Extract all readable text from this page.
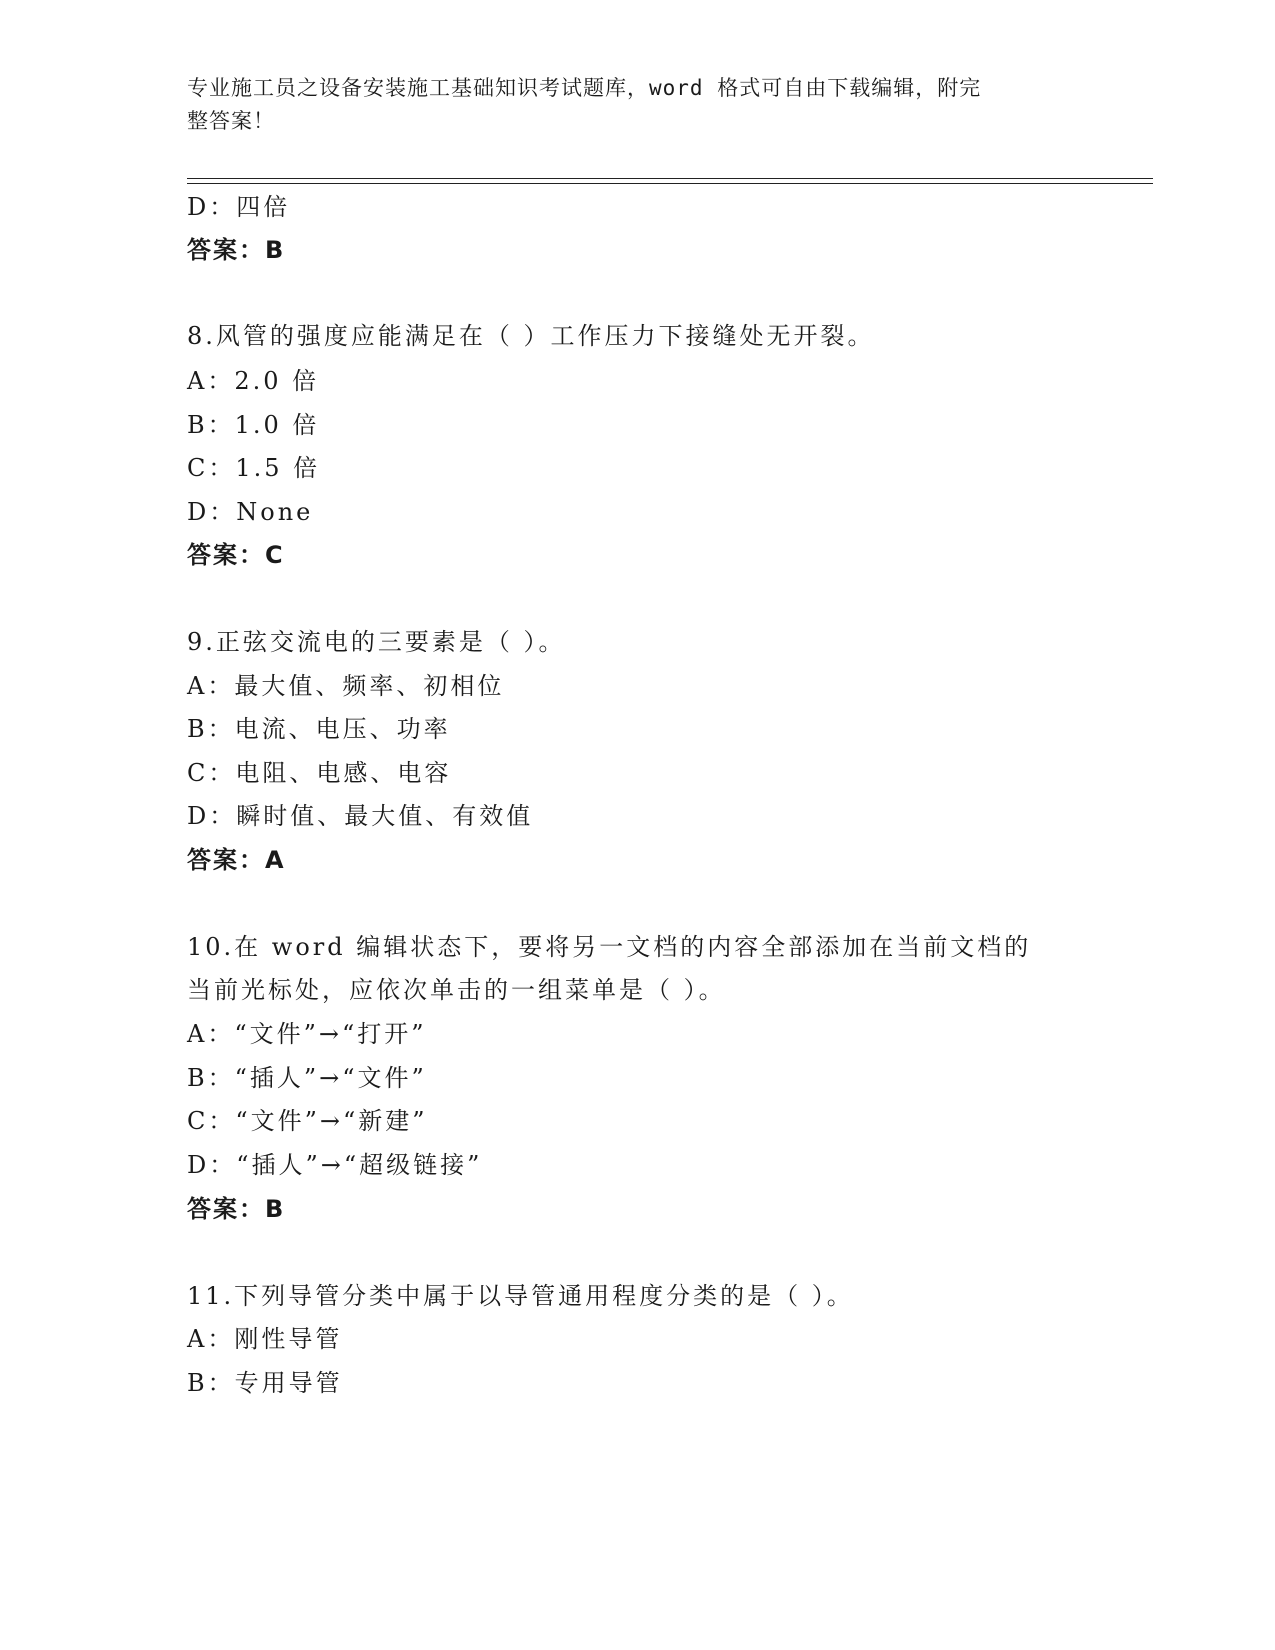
专业施工员之设备安装施工基础知识考试题库，word 格式可自由下载编辑，附完
整答案！
D：四倍
答案：B
8.风管的强度应能满足在（ ）工作压力下接缝处无开裂。
A：2.0 倍
B：1.0 倍
C：1.5 倍
D：None
答案：C
9.正弦交流电的三要素是（ ）。
A：最大值、频率、初相位
B：电流、电压、功率
C：电阻、电感、电容
D：瞬时值、最大值、有效值
答案：A
10.在 word 编辑状态下，要将另一文档的内容全部添加在当前文档的
当前光标处，应依次单击的一组菜单是（ ）。
A：“文件”→“打开”
B：“插人”→“文件”
C：“文件”→“新建”
D：“插人”→“超级链接”
答案：B
11.下列导管分类中属于以导管通用程度分类的是（ ）。
A：刚性导管
B：专用导管
